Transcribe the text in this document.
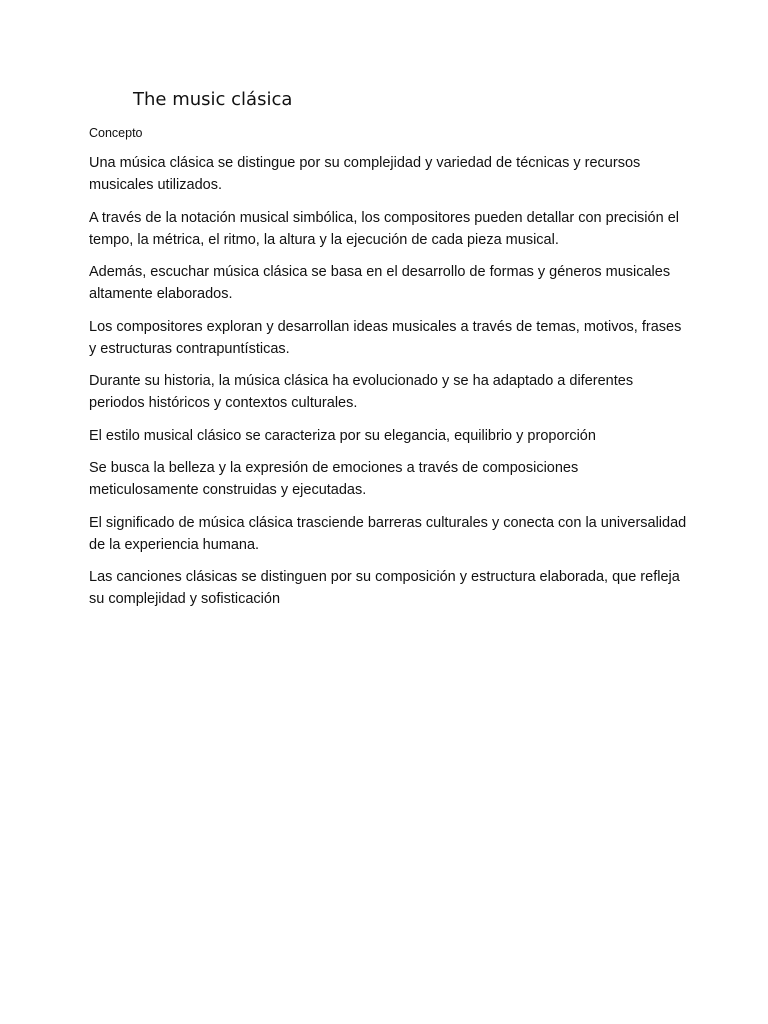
The music clásica

Concepto

Una música clásica se distingue por su complejidad y variedad de técnicas y recursos musicales utilizados.

A través de la notación musical simbólica, los compositores pueden detallar con precisión el tempo, la métrica, el ritmo, la altura y la ejecución de cada pieza musical.

Además, escuchar música clásica se basa en el desarrollo de formas y géneros musicales altamente elaborados.

Los compositores exploran y desarrollan ideas musicales a través de temas, motivos, frases y estructuras contrapuntísticas.

Durante su historia, la música clásica ha evolucionado y se ha adaptado a diferentes periodos históricos y contextos culturales.

El estilo musical clásico se caracteriza por su elegancia, equilibrio y proporción

Se busca la belleza y la expresión de emociones a través de composiciones meticulosamente construidas y ejecutadas.

El significado de música clásica trasciende barreras culturales y conecta con la universalidad de la experiencia humana.

Las canciones clásicas se distinguen por su composición y estructura elaborada, que refleja su complejidad y sofisticación
